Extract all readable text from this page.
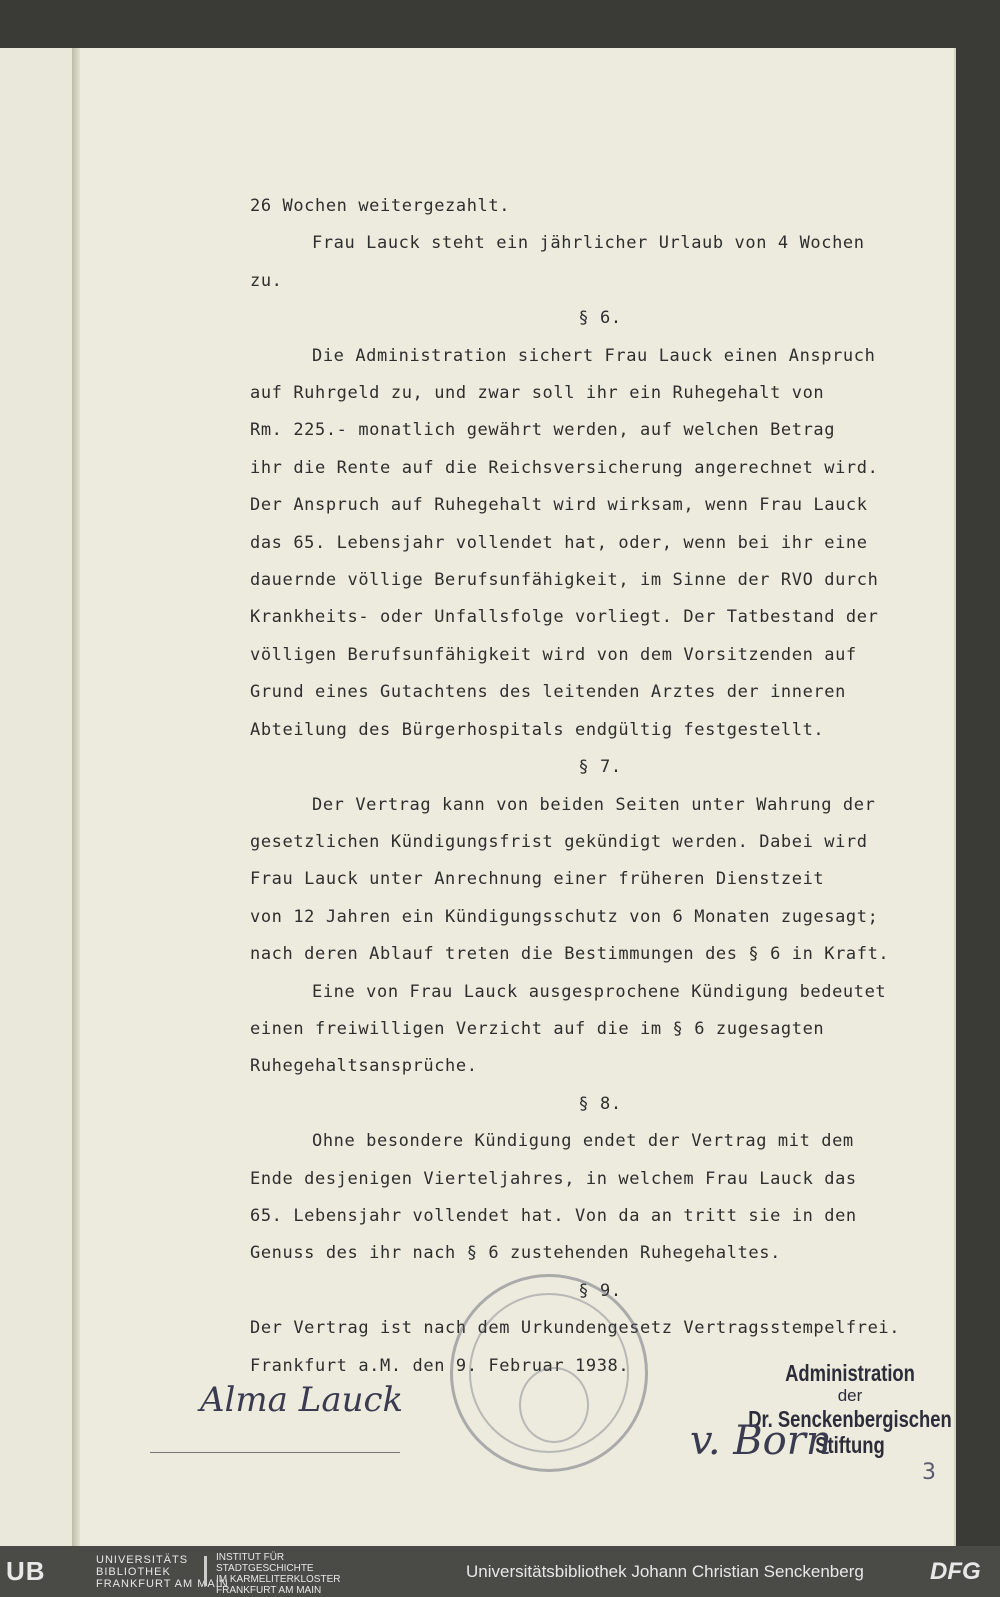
26 Wochen weitergezahlt.

Frau Lauck steht ein jährlicher Urlaub von 4 Wochen

zu.

§ 6.

Die Administration sichert Frau Lauck einen Anspruch

auf Ruhrgeld zu, und zwar soll ihr ein Ruhegehalt von

Rm. 225.- monatlich gewährt werden, auf welchen Betrag

ihr die Rente auf die Reichsversicherung angerechnet wird.

Der Anspruch auf Ruhegehalt wird wirksam, wenn Frau Lauck

das 65. Lebensjahr vollendet hat, oder, wenn bei ihr eine

dauernde völlige Berufsunfähigkeit, im Sinne der RVO durch

Krankheits- oder Unfallsfolge vorliegt. Der Tatbestand der

völligen Berufsunfähigkeit wird von dem Vorsitzenden auf

Grund eines Gutachtens des leitenden Arztes der inneren

Abteilung des Bürgerhospitals endgültig festgestellt.

§ 7.

Der Vertrag kann von beiden Seiten unter Wahrung der

gesetzlichen Kündigungsfrist gekündigt werden. Dabei wird

Frau Lauck unter Anrechnung einer früheren Dienstzeit

von 12 Jahren ein Kündigungsschutz von 6 Monaten zugesagt;

nach deren Ablauf treten die Bestimmungen des § 6 in Kraft.

Eine von Frau Lauck ausgesprochene Kündigung bedeutet

einen freiwilligen Verzicht auf die im § 6 zugesagten

Ruhegehaltsansprüche.

§ 8.

Ohne besondere Kündigung endet der Vertrag mit dem

Ende desjenigen Vierteljahres, in welchem Frau Lauck das

65. Lebensjahr vollendet hat. Von da an tritt sie in den

Genuss des ihr nach § 6 zustehenden Ruhegehaltes.

§ 9.

Der Vertrag ist nach dem Urkundengesetz Vertragsstempelfrei.

Frankfurt a.M. den 9. Februar 1938.	Administration
der
Dr. Senckenbergischen Stiftung
Alma Lauck
v. Born
3
UB	UNIVERSITÄTS
BIBLIOTHEK
FRANKFURT AM MAIN
INSTITUT FÜR
STADTGESCHICHTE
IM KARMELITERKLOSTER
FRANKFURT AM MAIN
Universitätsbibliothek Johann Christian Senckenberg	DFG
